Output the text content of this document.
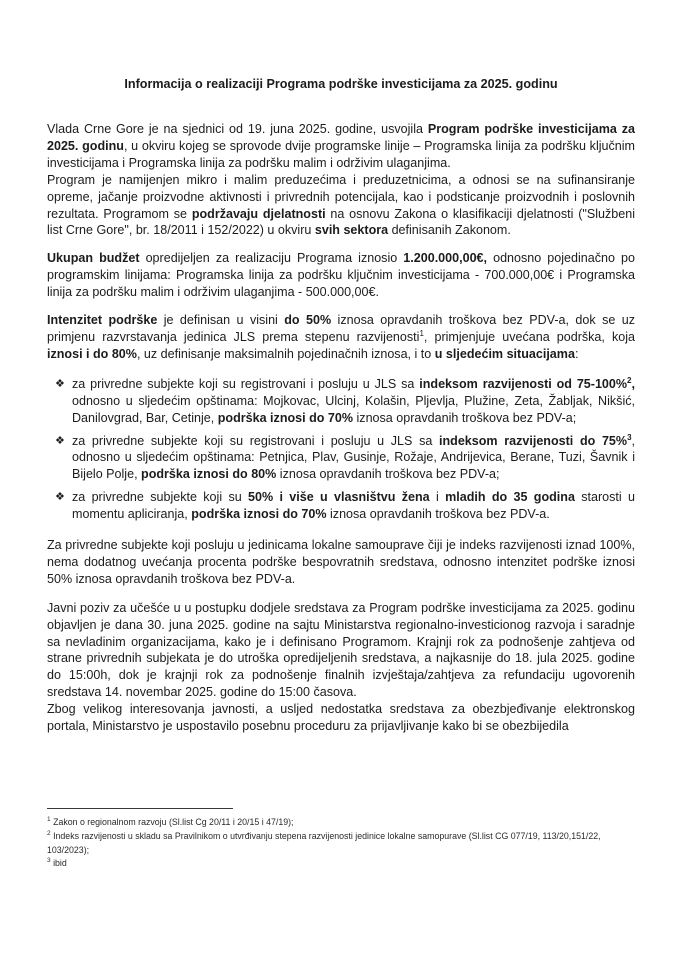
Informacija o realizaciji Programa podrške investicijama za 2025. godinu
Vlada Crne Gore je na sjednici od 19. juna 2025. godine, usvojila Program podrške investicijama za 2025. godinu, u okviru kojeg se sprovode dvije programske linije – Programska linija za podršku ključnim investicijama i Programska linija za podršku malim i održivim ulaganjima.
Program je namijenjen mikro i malim preduzećima i preduzetnicima, a odnosi se na sufinansiranje opreme, jačanje proizvodne aktivnosti i privrednih potencijala, kao i podsticanje proizvodnih i poslovnih rezultata. Programom se podržavaju djelatnosti na osnovu Zakona o klasifikaciji djelatnosti ("Službeni list Crne Gore", br. 18/2011 i 152/2022) u okviru svih sektora definisanih Zakonom.
Ukupan budžet opredijeljen za realizaciju Programa iznosio 1.200.000,00€, odnosno pojedinačno po programskim linijama: Programska linija za podršku ključnim investicijama - 700.000,00€ i Programska linija za podršku malim i održivim ulaganjima - 500.000,00€.
Intenzitet podrške je definisan u visini do 50% iznosa opravdanih troškova bez PDV-a, dok se uz primjenu razvrstavanja jedinica JLS prema stepenu razvijenosti$^1$, primjenjuje uvećana podrška, koja iznosi i do 80%, uz definisanje maksimalnih pojedinačnih iznosa, i to u sljedećim situacijama:
❖ za privredne subjekte koji su registrovani i posluju u JLS sa indeksom razvijenosti od 75-100%$^2$, odnosno u sljedećim opštinama: Mojkovac, Ulcinj, Kolašin, Pljevlja, Plužine, Zeta, Žabljak, Nikšić, Danilovgrad, Bar, Cetinje, podrška iznosi do 70% iznosa opravdanih troškova bez PDV-a;
❖ za privredne subjekte koji su registrovani i posluju u JLS sa indeksom razvijenosti do 75%$^3$, odnosno u sljedećim opštinama: Petnjica, Plav, Gusinje, Rožaje, Andrijevica, Berane, Tuzi, Šavnik i Bijelo Polje, podrška iznosi do 80% iznosa opravdanih troškova bez PDV-a;
❖ za privredne subjekte koji su 50% i više u vlasništvu žena i mladih do 35 godina starosti u momentu apliciranja, podrška iznosi do 70% iznosa opravdanih troškova bez PDV-a.
Za privredne subjekte koji posluju u jedinicama lokalne samouprave čiji je indeks razvijenosti iznad 100%, nema dodatnog uvećanja procenta podrške bespovratnih sredstava, odnosno intenzitet podrške iznosi 50% iznosa opravdanih troškova bez PDV-a.
Javni poziv za učešće u u postupku dodjele sredstava za Program podrške investicijama za 2025. godinu objavljen je dana 30. juna 2025. godine na sajtu Ministarstva regionalno-investicionog razvoja i saradnje sa nevladinim organizacijama, kako je i definisano Programom. Krajnji rok za podnošenje zahtjeva od strane privrednih subjekata je do utroška opredijeljenih sredstava, a najkasnije do 18. jula 2025. godine do 15:00h, dok je krajnji rok za podnošenje finalnih izvještaja/zahtjeva za refundaciju ugovorenih sredstava 14. novembar 2025. godine do 15:00 časova.
Zbog velikog interesovanja javnosti, a usljed nedostatka sredstava za obezbjeđivanje elektronskog portala, Ministarstvo je uspostavilo posebnu proceduru za prijavljivanje kako bi se obezbijedila
$^1$ Zakon o regionalnom razvoju (Sl.list Cg 20/11 i 20/15 i 47/19);
$^2$ Indeks razvijenosti u skladu sa Pravilnikom o utvrđivanju stepena razvijenosti jedinice lokalne samopurave (Sl.list CG 077/19, 113/20,151/22, 103/2023);
$^3$ ibid
